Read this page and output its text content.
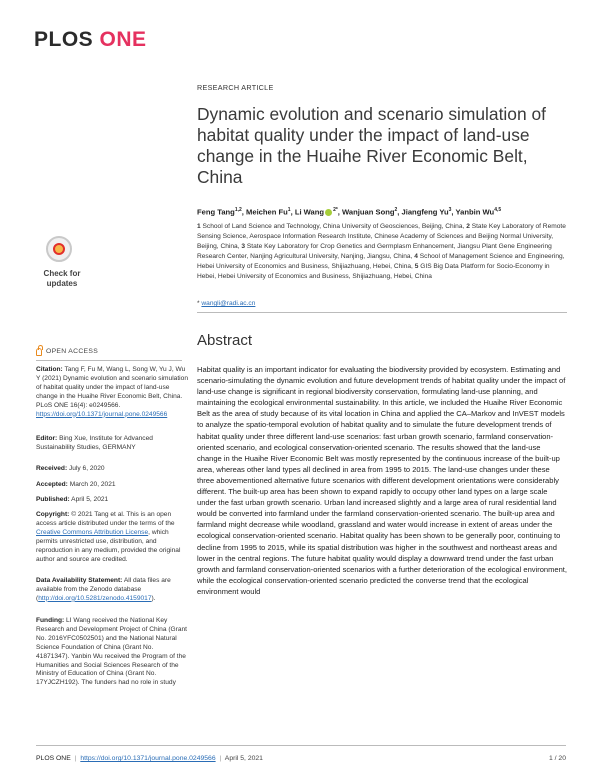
PLOS ONE
RESEARCH ARTICLE
Dynamic evolution and scenario simulation of habitat quality under the impact of land-use change in the Huaihe River Economic Belt, China
Feng Tang$^{1,2}$, Meichen Fu$^1$, Li Wang $^{2*}$, Wanjuan Song$^2$, Jiangfeng Yu$^3$, Yanbin Wu$^{4,5}$
1 School of Land Science and Technology, China University of Geosciences, Beijing, China, 2 State Key Laboratory of Remote Sensing Science, Aerospace Information Research Institute, Chinese Academy of Sciences and Beijing Normal University, Beijing, China, 3 State Key Laboratory for Crop Genetics and Germplasm Enhancement, Jiangsu Plant Gene Engineering Research Center, Nanjing Agricultural University, Nanjing, Jiangsu, China, 4 School of Management Science and Engineering, Hebei University of Economics and Business, Shijiazhuang, Hebei, China, 5 GIS Big Data Platform for Socio-Economy in Hebei, Hebei University of Economics and Business, Shijiazhuang, Hebei, China
* wangli@radi.ac.cn
Abstract

Habitat quality is an important indicator for evaluating the biodiversity provided by ecosystem. Estimating and scenario-simulating the dynamic evolution and future development trends of habitat quality under the impact of land-use change is significant in regional biodiversity conservation, formulating land-use planning, and maintaining the ecological environmental sustainability. In this article, we included the Huaihe River Economic Belt as the area of study because of its vital location in China and applied the CA–Markov and InVEST models to analyze the spatio-temporal evolution of habitat quality and to simulate the future development trends of habitat quality under three different land-use scenarios: fast urban growth scenario, farmland conservation-oriented scenario, and ecological conservation-oriented scenario. The results showed that the land-use change in the Huaihe River Economic Belt was mostly represented by the continuous increase of the built-up area, whereas other land types all declined in area from 1995 to 2015. The land-use changes under these three abovementioned alternative future scenarios with different development orientations were considerably different. The built-up area has been shown to expand rapidly to occupy other land types on a large scale under the fast urban growth scenario. Urban land increased slightly and a large area of rural residential land would be converted into farmland under the farmland conservation-oriented scenario. The built-up area and farmland might decrease while woodland, grassland and water would increase in extent of areas under the ecological conservation-oriented scenario. Habitat quality has been shown to be generally poor, continuing to decline from 1995 to 2015, while its spatial distribution was higher in the southwest and northeast areas and lower in the central regions. The future habitat quality would display a downward trend under the fast urban growth and farmland conservation-oriented scenarios with a further deterioration of the ecological environment, while the ecological conservation-oriented scenario predicted the converse trend that the ecological environment would

Check for
updates
OPEN ACCESS
Citation: Tang F, Fu M, Wang L, Song W, Yu J, Wu Y (2021) Dynamic evolution and scenario simulation of habitat quality under the impact of land-use change in the Huaihe River Economic Belt, China. PLoS ONE 16(4): e0249566. https://doi.org/10.1371/journal.pone.0249566
Editor: Bing Xue, Institute for Advanced Sustainability Studies, GERMANY
Received: July 6, 2020
Accepted: March 20, 2021
Published: April 5, 2021
Copyright: © 2021 Tang et al. This is an open access article distributed under the terms of the Creative Commons Attribution License, which permits unrestricted use, distribution, and reproduction in any medium, provided the original author and source are credited.
Data Availability Statement: All data files are available from the Zenodo database (http://doi.org/10.5281/zenodo.4159017).
Funding: LI Wang received the National Key Research and Development Project of China (Grant No. 2016YFC0502501) and the National Natural Science Foundation of China (Grant No. 41871347). Yanbin Wu received the Program of the Humanities and Social Sciences Research of the Ministry of Education of China (Grant No. 17YJCZH192). The funders had no role in study
PLOS ONE | https://doi.org/10.1371/journal.pone.0249566 | April 5, 2021	1 / 20
